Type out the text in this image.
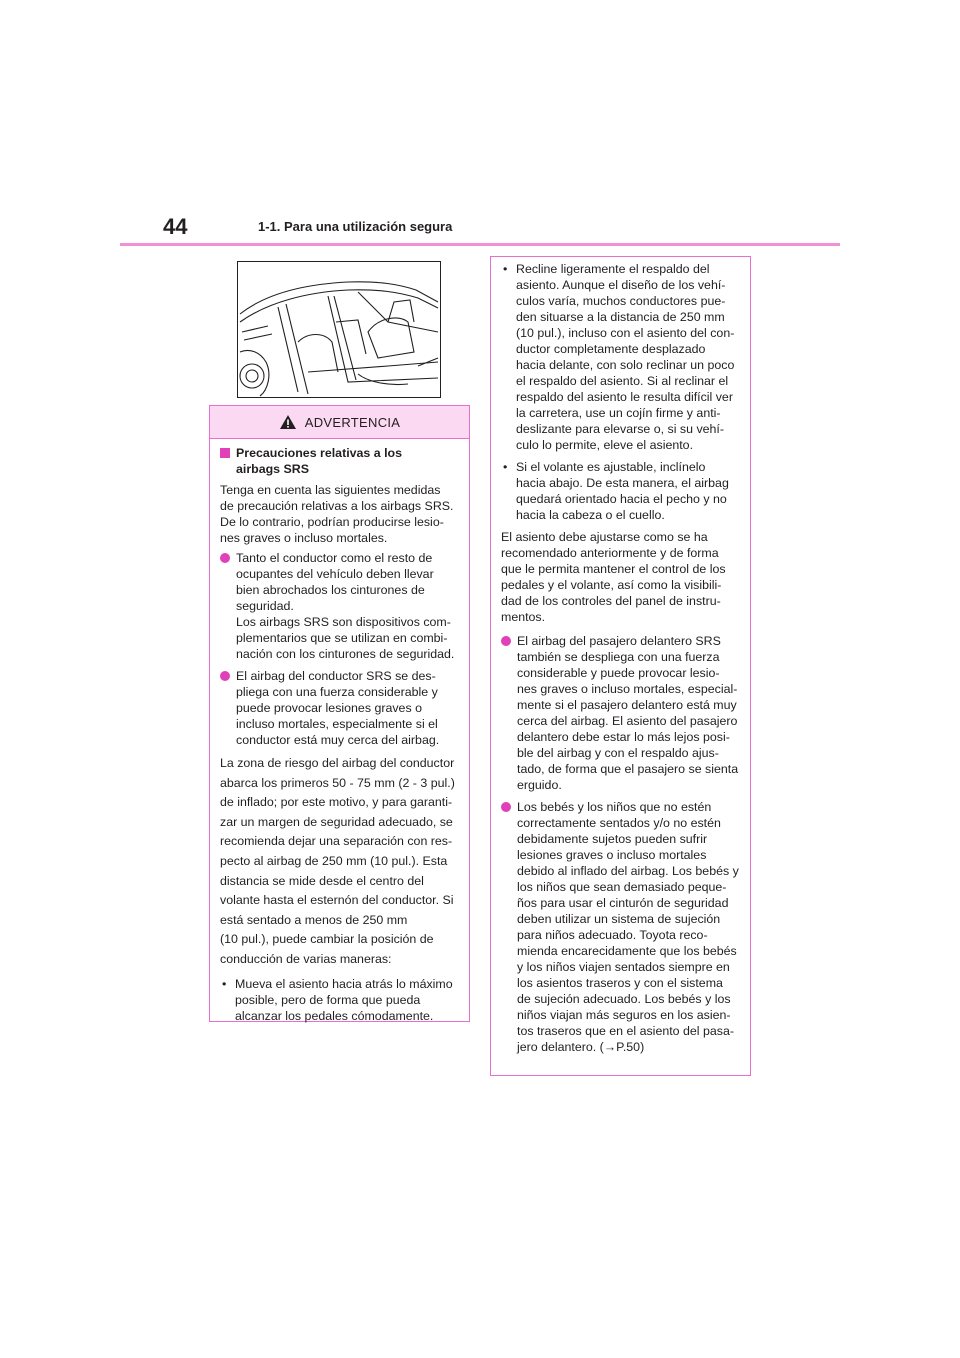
44	1-1. Para una utilización segura
ADVERTENCIA
Precauciones relativas a los
airbags SRS

Tenga en cuenta las siguientes medidas
de precaución relativas a los airbags SRS.
De lo contrario, podrían producirse lesio-
nes graves o incluso mortales.

Tanto el conductor como el resto de
ocupantes del vehículo deben llevar
bien abrochados los cinturones de
seguridad.
Los airbags SRS son dispositivos com-
plementarios que se utilizan en combi-
nación con los cinturones de seguridad.
El airbag del conductor SRS se des-
pliega con una fuerza considerable y
puede provocar lesiones graves o
incluso mortales, especialmente si el
conductor está muy cerca del airbag.

La zona de riesgo del airbag del conductor
abarca los primeros 50 - 75 mm (2 - 3 pul.)
de inflado; por este motivo, y para garanti-
zar un margen de seguridad adecuado, se
recomienda dejar una separación con res-
pecto al airbag de 250 mm (10 pul.). Esta
distancia se mide desde el centro del
volante hasta el esternón del conductor. Si
está sentado a menos de 250 mm
(10 pul.), puede cambiar la posición de
conducción de varias maneras:

• Mueva el asiento hacia atrás lo máximo
posible, pero de forma que pueda
alcanzar los pedales cómodamente.
• Recline ligeramente el respaldo del
asiento. Aunque el diseño de los vehí-
culos varía, muchos conductores pue-
den situarse a la distancia de 250 mm
(10 pul.), incluso con el asiento del con-
ductor completamente desplazado
hacia delante, con solo reclinar un poco
el respaldo del asiento. Si al reclinar el
respaldo del asiento le resulta difícil ver
la carretera, use un cojín firme y anti-
deslizante para elevarse o, si su vehí-
culo lo permite, eleve el asiento.
• Si el volante es ajustable, inclínelo
hacia abajo. De esta manera, el airbag
quedará orientado hacia el pecho y no
hacia la cabeza o el cuello.

El asiento debe ajustarse como se ha
recomendado anteriormente y de forma
que le permita mantener el control de los
pedales y el volante, así como la visibili-
dad de los controles del panel de instru-
mentos.

El airbag del pasajero delantero SRS
también se despliega con una fuerza
considerable y puede provocar lesio-
nes graves o incluso mortales, especial-
mente si el pasajero delantero está muy
cerca del airbag. El asiento del pasajero
delantero debe estar lo más lejos posi-
ble del airbag y con el respaldo ajus-
tado, de forma que el pasajero se sienta
erguido.
Los bebés y los niños que no estén
correctamente sentados y/o no estén
debidamente sujetos pueden sufrir
lesiones graves o incluso mortales
debido al inflado del airbag. Los bebés y
los niños que sean demasiado peque-
ños para usar el cinturón de seguridad
deben utilizar un sistema de sujeción
para niños adecuado. Toyota reco-
mienda encarecidamente que los bebés
y los niños viajen sentados siempre en
los asientos traseros y con el sistema
de sujeción adecuado. Los bebés y los
niños viajan más seguros en los asien-
tos traseros que en el asiento del pasa-
jero delantero. (→P.50)
